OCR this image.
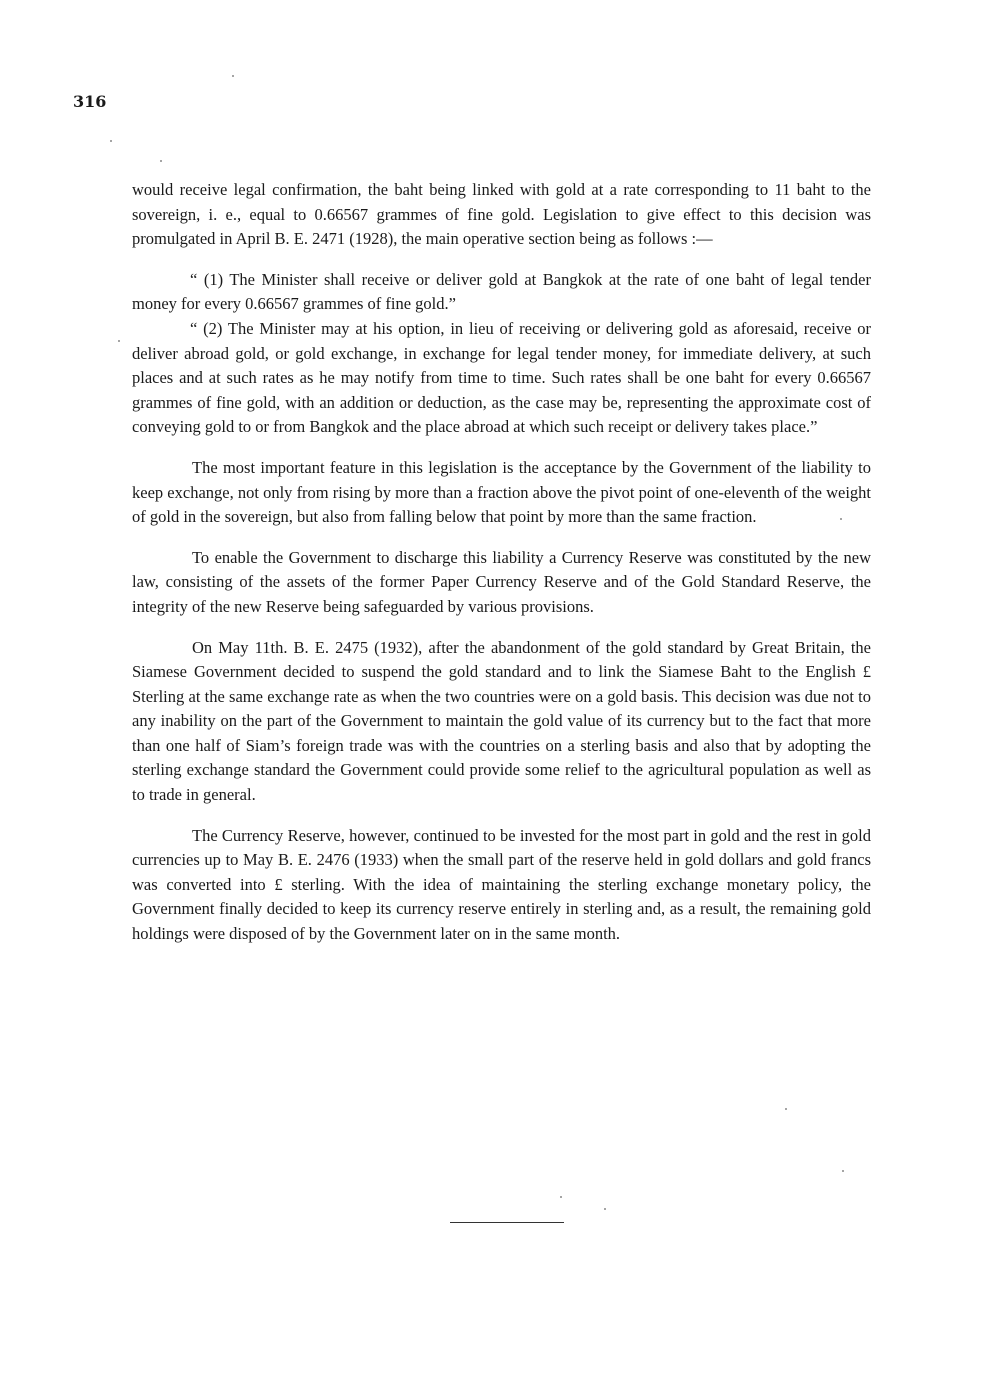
316

would receive legal confirmation, the baht being linked with gold at a rate corresponding to 11 baht to the sovereign, i. e., equal to 0.66567 grammes of fine gold. Legislation to give effect to this decision was promulgated in April B. E. 2471 (1928), the main operative section being as follows :—

“ (1) The Minister shall receive or deliver gold at Bangkok at the rate of one baht of legal tender money for every 0.66567 grammes of fine gold.”

“ (2) The Minister may at his option, in lieu of receiving or delivering gold as aforesaid, receive or deliver abroad gold, or gold exchange, in exchange for legal tender money, for immediate delivery, at such places and at such rates as he may notify from time to time. Such rates shall be one baht for every 0.66567 grammes of fine gold, with an addition or deduction, as the case may be, representing the approximate cost of conveying gold to or from Bangkok and the place abroad at which such receipt or delivery takes place.”

The most important feature in this legislation is the acceptance by the Government of the liability to keep exchange, not only from rising by more than a fraction above the pivot point of one-eleventh of the weight of gold in the sovereign, but also from falling below that point by more than the same fraction.

To enable the Government to discharge this liability a Currency Reserve was constituted by the new law, consisting of the assets of the former Paper Currency Reserve and of the Gold Standard Reserve, the integrity of the new Reserve being safeguarded by various provisions.

On May 11th. B. E. 2475 (1932), after the abandonment of the gold standard by Great Britain, the Siamese Government decided to suspend the gold standard and to link the Siamese Baht to the English £ Sterling at the same exchange rate as when the two countries were on a gold basis. This decision was due not to any inability on the part of the Government to maintain the gold value of its currency but to the fact that more than one half of Siam’s foreign trade was with the countries on a sterling basis and also that by adopting the sterling exchange standard the Government could provide some relief to the agricultural population as well as to trade in general.

The Currency Reserve, however, continued to be invested for the most part in gold and the rest in gold currencies up to May B. E. 2476 (1933) when the small part of the reserve held in gold dollars and gold francs was converted into £ sterling. With the idea of maintaining the sterling exchange monetary policy, the Government finally decided to keep its currency reserve entirely in sterling and, as a result, the remaining gold holdings were disposed of by the Government later on in the same month.
